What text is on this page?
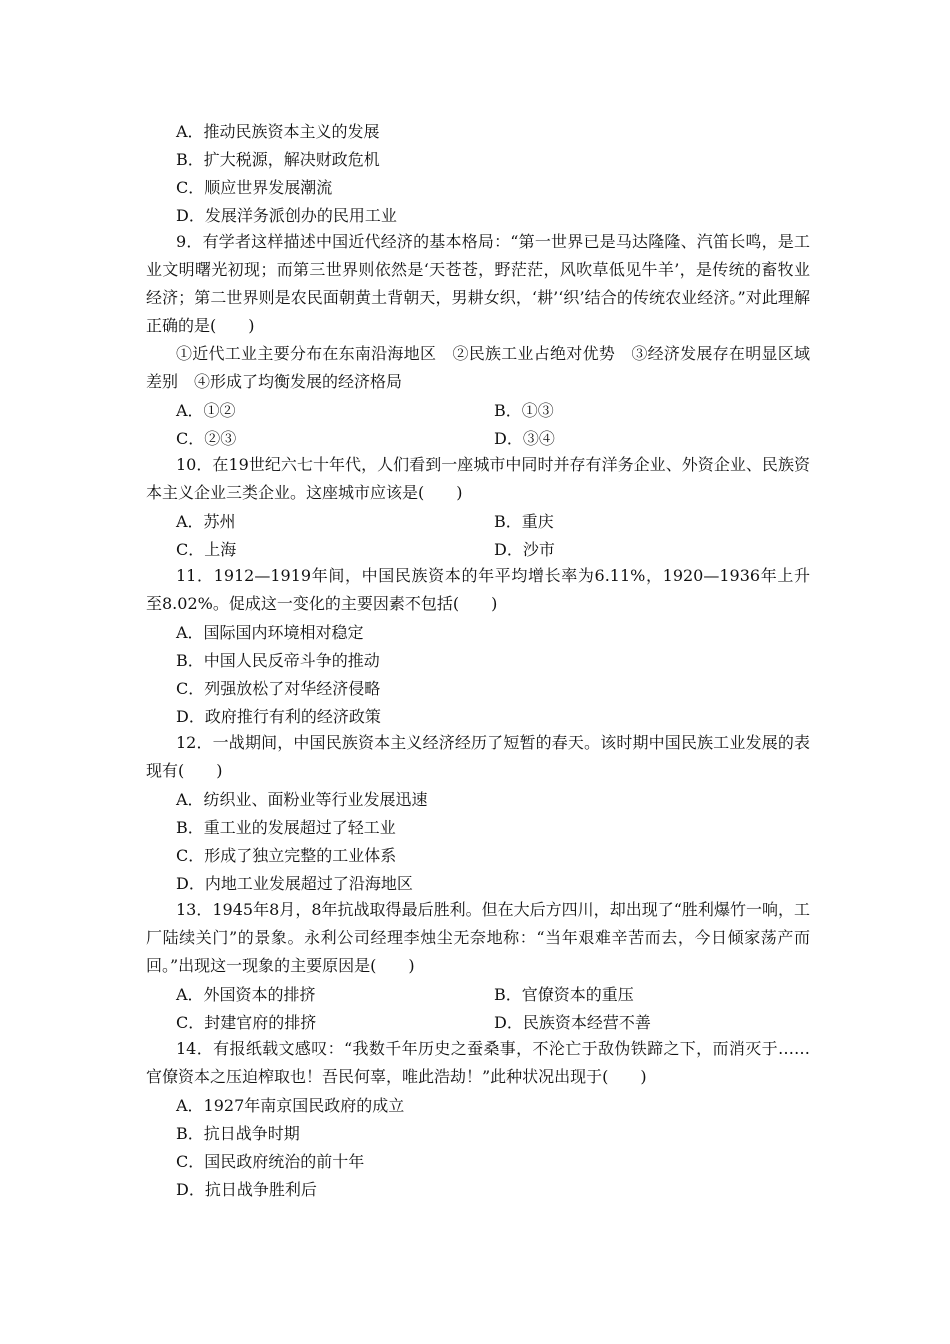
A．推动民族资本主义的发展
B．扩大税源，解决财政危机
C．顺应世界发展潮流
D．发展洋务派创办的民用工业
9．有学者这样描述中国近代经济的基本格局：“第一世界已是马达隆隆、汽笛长鸣，是工业文明曙光初现；而第三世界则依然是‘天苍苍，野茫茫，风吹草低见牛羊’，是传统的畜牧业经济；第二世界则是农民面朝黄土背朝天，男耕女织，‘耕’‘织’结合的传统农业经济。”对此理解正确的是(　　)
①近代工业主要分布在东南沿海地区　②民族工业占绝对优势　③经济发展存在明显区域差别　④形成了均衡发展的经济格局
A．①②	B．①③
C．②③	D．③④
10．在19世纪六七十年代，人们看到一座城市中同时并存有洋务企业、外资企业、民族资本主义企业三类企业。这座城市应该是(　　)
A．苏州	B．重庆
C．上海	D．沙市
11．1912—1919年间，中国民族资本的年平均增长率为6.11%，1920—1936年上升至8.02%。促成这一变化的主要因素不包括(　　)
A．国际国内环境相对稳定
B．中国人民反帝斗争的推动
C．列强放松了对华经济侵略
D．政府推行有利的经济政策
12．一战期间，中国民族资本主义经济经历了短暂的春天。该时期中国民族工业发展的表现有(　　)
A．纺织业、面粉业等行业发展迅速
B．重工业的发展超过了轻工业
C．形成了独立完整的工业体系
D．内地工业发展超过了沿海地区
13．1945年8月，8年抗战取得最后胜利。但在大后方四川，却出现了“胜利爆竹一响，工厂陆续关门”的景象。永利公司经理李烛尘无奈地称：“当年艰难辛苦而去，今日倾家荡产而回。”出现这一现象的主要原因是(　　)
A．外国资本的排挤	B．官僚资本的重压
C．封建官府的排挤	D．民族资本经营不善
14．有报纸载文感叹：“我数千年历史之蚕桑事，不沦亡于敌伪铁蹄之下，而消灭于……官僚资本之压迫榨取也！吾民何辜，唯此浩劫！”此种状况出现于(　　)
A．1927年南京国民政府的成立
B．抗日战争时期
C．国民政府统治的前十年
D．抗日战争胜利后
